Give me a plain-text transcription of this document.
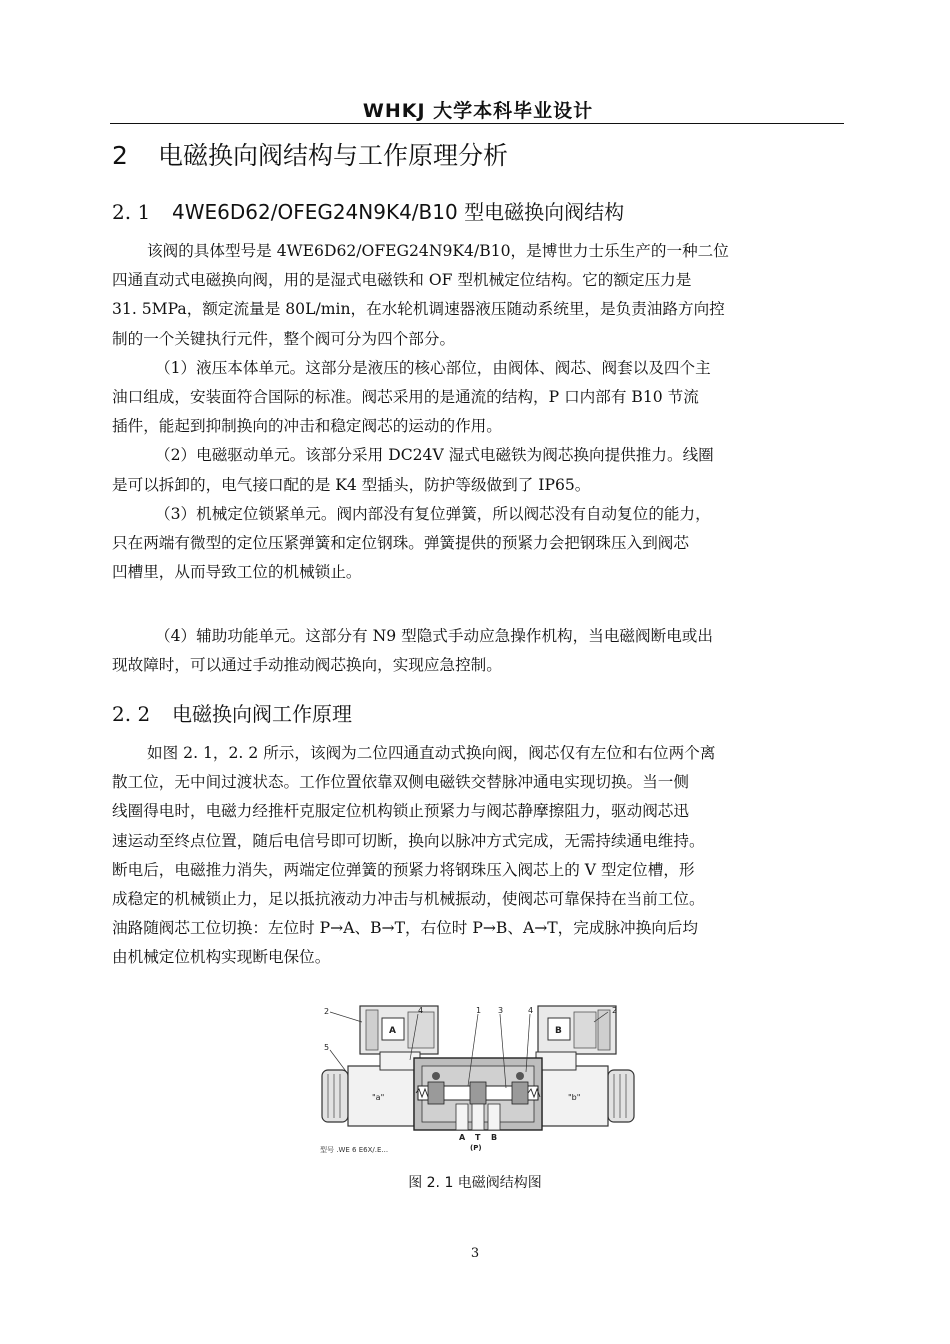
WHKJ 大学本科毕业设计
2 电磁换向阀结构与工作原理分析
2. 1 4WE6D62/OFEG24N9K4/B10 型电磁换向阀结构
该阀的具体型号是 4WE6D62/OFEG24N9K4/B10，是博世力士乐生产的一种二位
四通直动式电磁换向阀，用的是湿式电磁铁和 OF 型机械定位结构。它的额定压力是
31. 5MPa，额定流量是 80L/min，在水轮机调速器液压随动系统里，是负责油路方向控
制的一个关键执行元件，整个阀可分为四个部分。
（1）液压本体单元。这部分是液压的核心部位，由阀体、阀芯、阀套以及四个主
油口组成，安装面符合国际的标准。阀芯采用的是通流的结构，P 口内部有 B10 节流
插件，能起到抑制换向的冲击和稳定阀芯的运动的作用。
（2）电磁驱动单元。该部分采用 DC24V 湿式电磁铁为阀芯换向提供推力。线圈
是可以拆卸的，电气接口配的是 K4 型插头，防护等级做到了 IP65。
（3）机械定位锁紧单元。阀内部没有复位弹簧，所以阀芯没有自动复位的能力，
只在两端有微型的定位压紧弹簧和定位钢珠。弹簧提供的预紧力会把钢珠压入到阀芯
凹槽里，从而导致工位的机械锁止。
（4）辅助功能单元。这部分有 N9 型隐式手动应急操作机构，当电磁阀断电或出
现故障时，可以通过手动推动阀芯换向，实现应急控制。
2. 2 电磁换向阀工作原理
如图 2. 1，2. 2 所示，该阀为二位四通直动式换向阀，阀芯仅有左位和右位两个离
散工位，无中间过渡状态。工作位置依靠双侧电磁铁交替脉冲通电实现切换。当一侧
线圈得电时，电磁力经推杆克服定位机构锁止预紧力与阀芯静摩擦阻力，驱动阀芯迅
速运动至终点位置，随后电信号即可切断，换向以脉冲方式完成，无需持续通电维持。
断电后，电磁推力消失，两端定位弹簧的预紧力将钢珠压入阀芯上的 V 型定位槽，形
成稳定的机械锁止力，足以抵抗液动力冲击与机械振动，使阀芯可靠保持在当前工位。
油路随阀芯工位切换：左位时 P→A、B→T，右位时 P→B、A→T，完成脉冲换向后均
由机械定位机构实现断电保位。
2	4	1 3	4	2
5
A	B
"a"	"b"
A T B
(P)
型号 .WE 6 E6X/.E...
图 2. 1 电磁阀结构图
3
